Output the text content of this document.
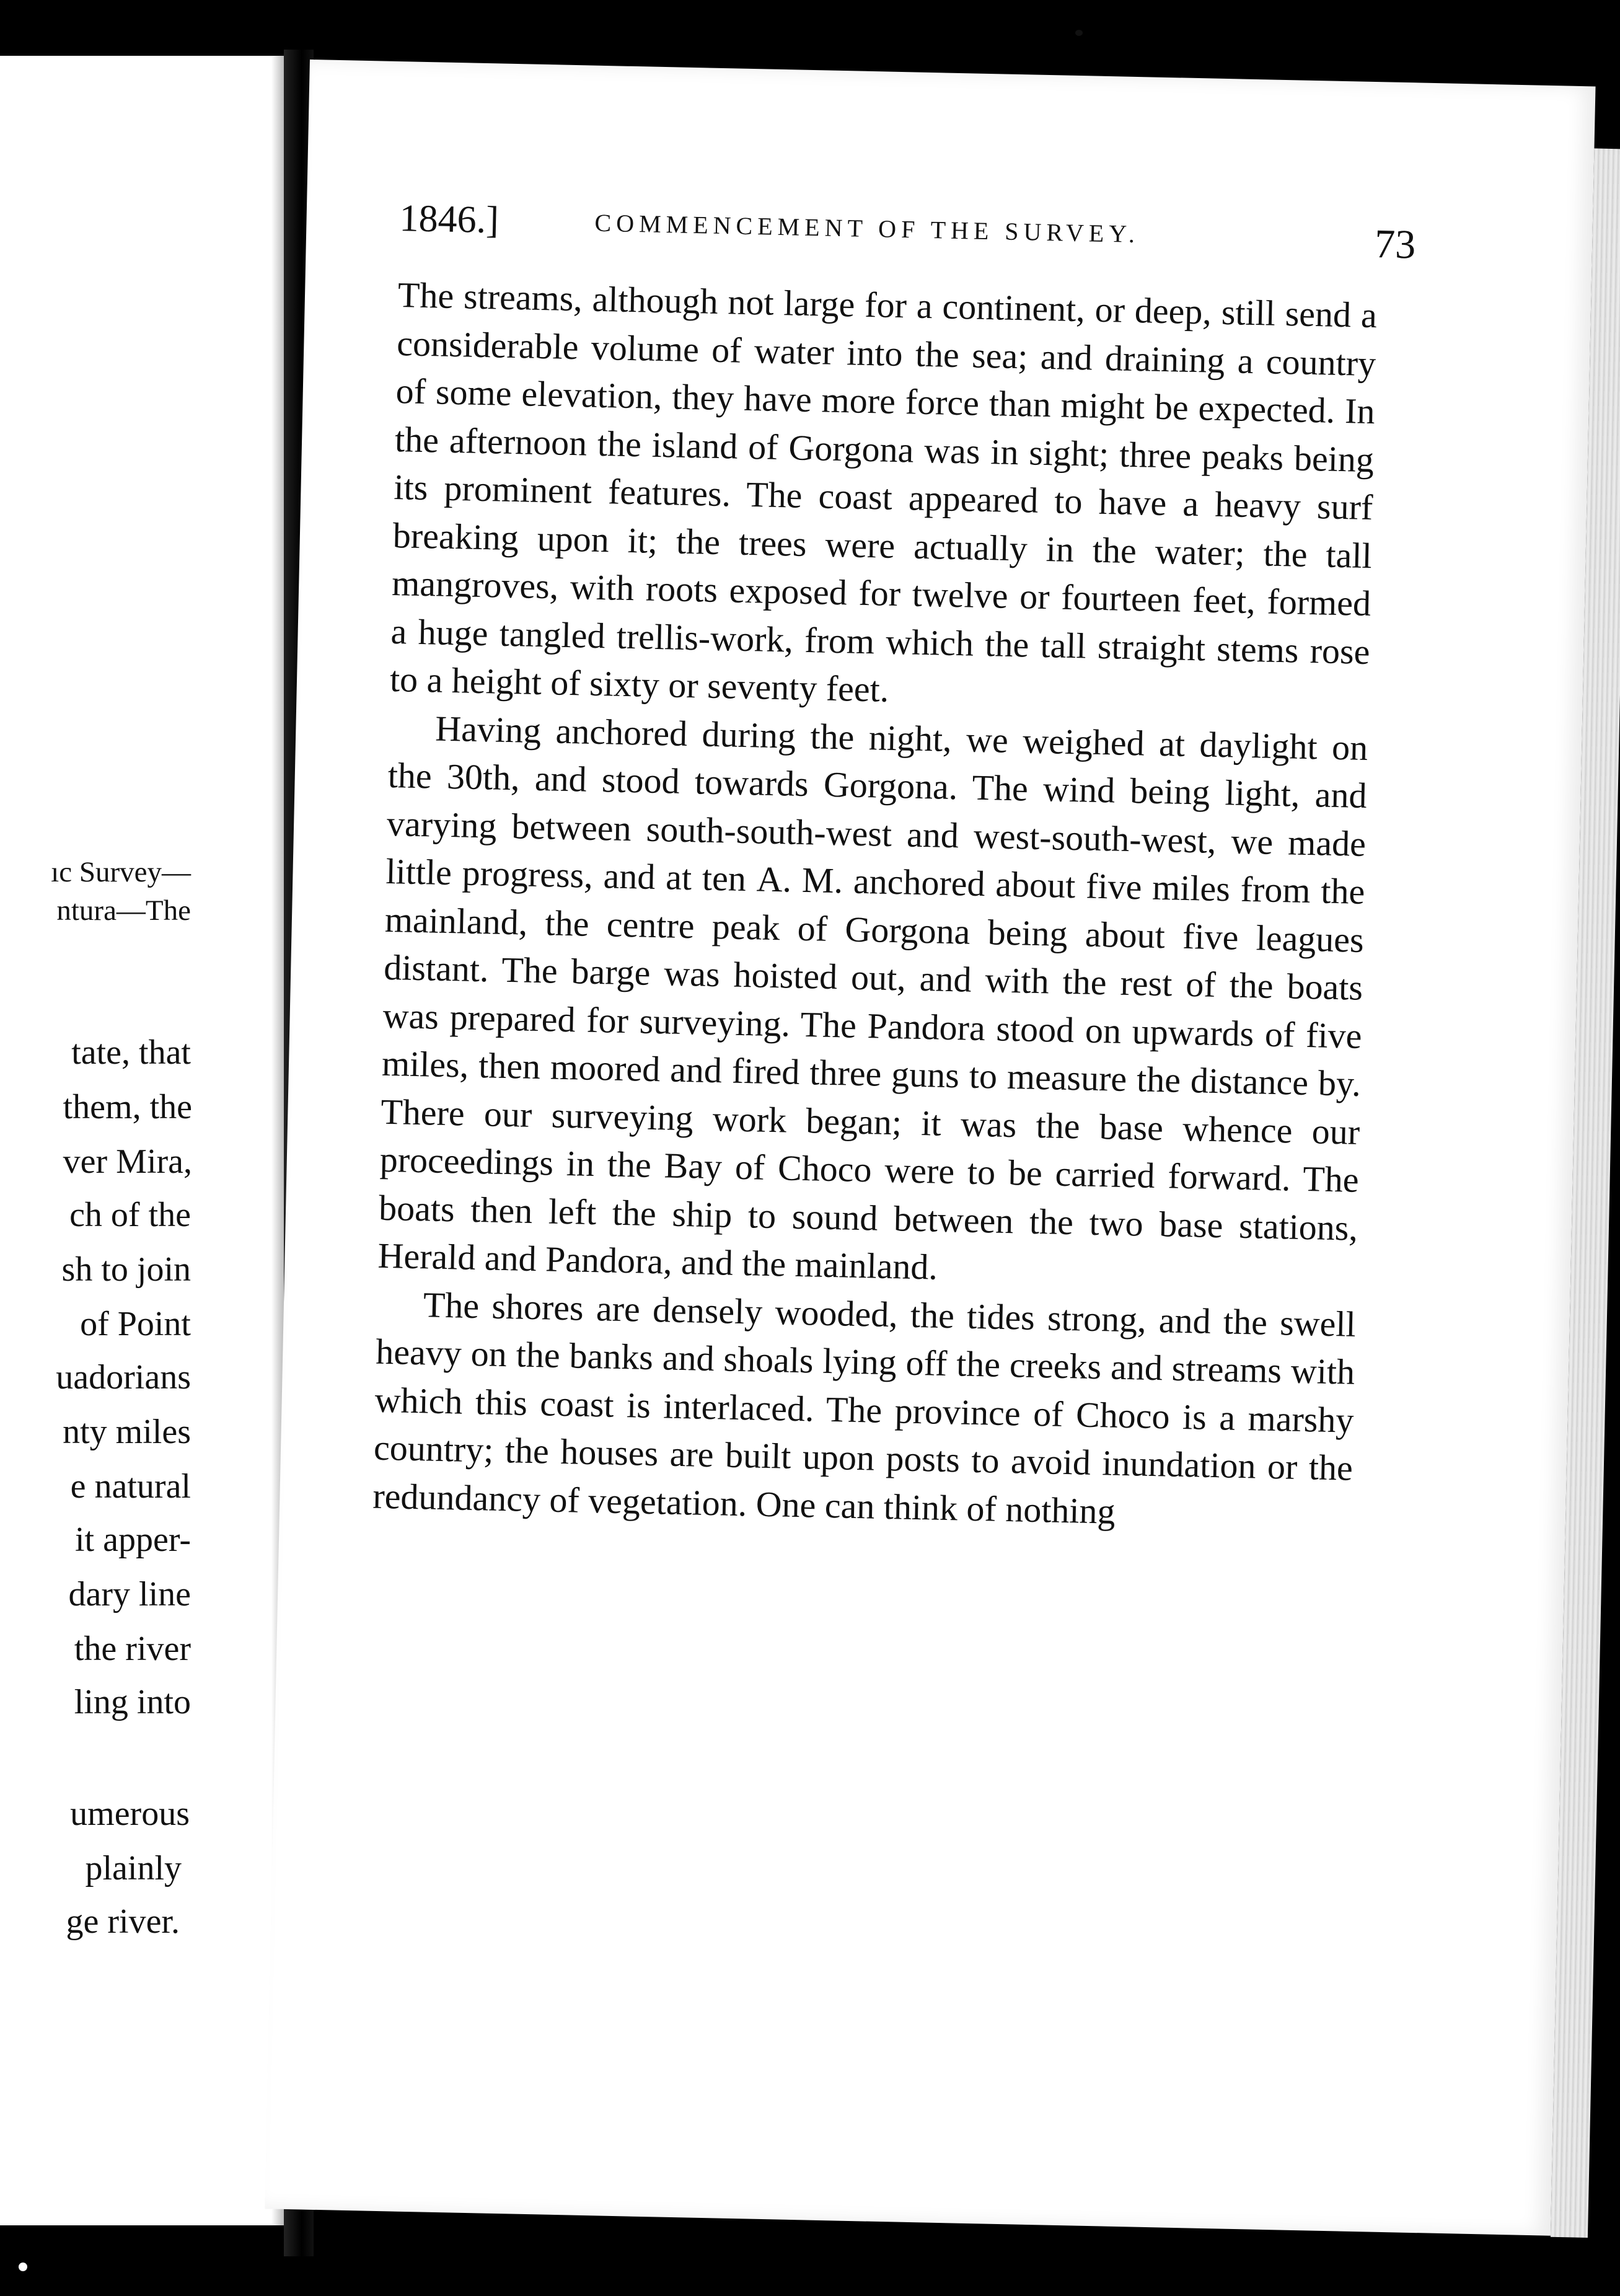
ıc Survey—
ntura—The
tate, that
them, the
ver Mira,
ch of the
sh to join
of Point
uadorians
nty miles
e natural
it apper-
dary line
the river
ling into
umerous
plainly
ge river.
1846.]	COMMENCEMENT OF THE SURVEY.	73

The streams, although not large for a continent, or deep, still send a considerable volume of water into the sea; and draining a country of some elevation, they have more force than might be expected. In the afternoon the island of Gorgona was in sight; three peaks being its prominent features. The coast appeared to have a heavy surf breaking upon it; the trees were actually in the water; the tall mangroves, with roots exposed for twelve or fourteen feet, formed a huge tangled trellis-work, from which the tall straight stems rose to a height of sixty or seventy feet.

Having anchored during the night, we weighed at daylight on the 30th, and stood towards Gorgona. The wind being light, and varying between south-south-west and west-south-west, we made little progress, and at ten A. M. anchored about five miles from the mainland, the centre peak of Gorgona being about five leagues distant. The barge was hoisted out, and with the rest of the boats was prepared for surveying. The Pandora stood on upwards of five miles, then moored and fired three guns to measure the distance by. There our surveying work began; it was the base whence our proceedings in the Bay of Choco were to be carried forward. The boats then left the ship to sound between the two base stations, Herald and Pandora, and the mainland.

The shores are densely wooded, the tides strong, and the swell heavy on the banks and shoals lying off the creeks and streams with which this coast is interlaced. The province of Choco is a marshy country; the houses are built upon posts to avoid inundation or the redundancy of vegetation. One can think of nothing
